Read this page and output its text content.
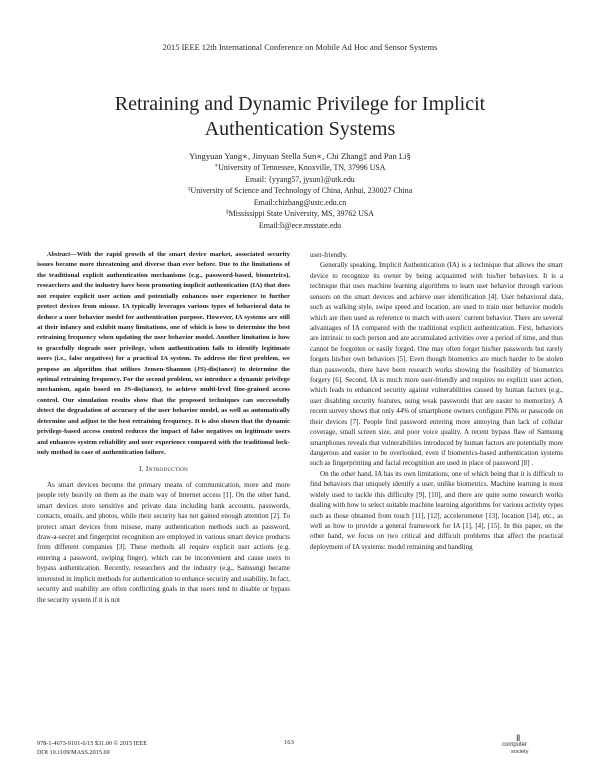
2015 IEEE 12th International Conference on Mobile Ad Hoc and Sensor Systems
Retraining and Dynamic Privilege for Implicit
Authentication Systems
Yingyuan Yang∗, Jinyuan Stella Sun∗, Chi Zhang‡ and Pan Li§
∗University of Tennessee, Knoxville, TN, 37996 USA
Email: {yyang57, jysun}@utk.edu
‡University of Science and Technology of China, Anhui, 230027 China
Email:chizhang@ustc.edu.cn
§Mississippi State University, MS, 39762 USA
Email:li@ece.msstate.edu

Abstract—With the rapid growth of the smart device market, associated security issues become more threatening and diverse than ever before. Due to the limitations of the traditional explicit authentication mechanisms (e.g., password-based, biometrics), researchers and the industry have been promoting implicit authentication (IA) that does not require explicit user action and potentially enhances user experience to further protect devices from misuse. IA typically leverages various types of behavioral data to deduce a user behavior model for authentication purpose. However, IA systems are still at their infancy and exhibit many limitations, one of which is how to determine the best retraining frequency when updating the user behavior model. Another limitation is how to gracefully degrade user privilege, when authentication fails to identify legitimate users (i.e., false negatives) for a practical IA system. To address the first problem, we propose an algorithm that utilizes Jensen-Shannon (JS)-dis(tance) to determine the optimal retraining frequency. For the second problem, we introduce a dynamic privilege mechanism, again based on JS-dis(tance), to achieve multi-level fine-grained access control. Our simulation results show that the proposed techniques can successfully detect the degradation of accuracy of the user behavior model, as well as automatically determine and adjust to the best retraining frequency. It is also shown that the dynamic privilege-based access control reduces the impact of false negatives on legitimate users and enhances system reliability and user experience compared with the traditional lock-only method in case of authentication failure.

I. Introduction

As smart devices become the primary means of communication, more and more people rely heavily on them as the main way of Internet access [1]. On the other hand, smart devices store sensitive and private data including bank accounts, passwords, contacts, emails, and photos, while their security has not gained enough attention [2]. To protect smart devices from misuse, many authentication methods such as password, draw-a-secret and fingerprint recognition are employed in various smart device products from different companies [3]. These methods all require explicit user actions (e.g. entering a password, swiping finger), which can be inconvenient and cause users to bypass authentication. Recently, researchers and the industry (e.g., Samsung) became interested in implicit methods for authentication to enhance security and usability. In fact, security and usability are often conflicting goals in that users tend to disable or bypass the security system if it is not

user-friendly.

Generally speaking, Implicit Authentication (IA) is a technique that allows the smart device to recognize its owner by being acquainted with his/her behaviors. It is a technique that uses machine learning algorithms to learn user behavior through various sensors on the smart devices and achieve user identification [4]. User behavioral data, such as walking style, swipe speed and location, are used to train user behavior models which are then used as reference to match with users’ current behavior. There are several advantages of IA compared with the traditional explicit authentication. First, behaviors are intrinsic to each person and are accumulated activities over a period of time, and thus cannot be forgotten or easily forged. One may often forget his/her passwords but rarely forgets his/her own behaviors [5]. Even though biometrics are much harder to be stolen than passwords, there have been research works showing the feasibility of biometrics forgery [6]. Second, IA is much more user-friendly and requires no explicit user action, which leads to enhanced security against vulnerabilities caused by human factors (e.g., user disabling security features, using weak passwords that are easier to memorize). A recent survey shows that only 44% of smartphone owners configure PINs or passcode on their devices [7]. People find password entering more annoying than lack of cellular coverage, small screen size, and poor voice quality. A recent bypass flaw of Samsung smartphones reveals that vulnerabilities introduced by human factors are potentially more dangerous and easier to be overlooked, even if biometrics-based authentication systems such as fingerprinting and facial recognition are used in place of password [8] .

On the other hand, IA has its own limitations, one of which being that it is difficult to find behaviors that uniquely identify a user, unlike biometrics. Machine learning is most widely used to tackle this difficulty [9], [10], and there are quite some research works dealing with how to select suitable machine learning algorithms for various activity types such as those obtained from touch [11], [12], accelerometer [13], location [14], etc., as well as how to provide a general framework for IA [1], [4], [15]. In this paper, on the other hand, we focus on two critical and difficult problems that affect the practical deployment of IA systems: model retraining and handling

978-1-4673-9101-6/15 $31.00 © 2015 IEEE
DOI 10.1109/MASS.2015.69
163	Ⅱ
computer
society
